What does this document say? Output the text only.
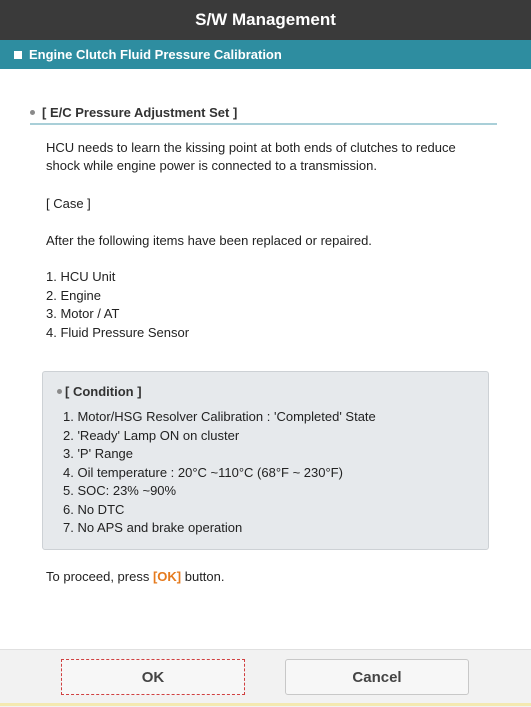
S/W Management
Engine Clutch Fluid Pressure Calibration
[ E/C Pressure Adjustment Set ]
HCU needs to learn the kissing point at both ends of clutches to reduce
shock while engine power is connected to a transmission.
[ Case ]
After the following items have been replaced or repaired.
1. HCU Unit
2. Engine
3. Motor / AT
4. Fluid Pressure Sensor
[ Condition ]
1. Motor/HSG Resolver Calibration : 'Completed' State
2. 'Ready' Lamp ON on cluster
3. 'P' Range
4. Oil temperature : 20°C ~110°C (68°F ~ 230°F)
5. SOC: 23% ~90%
6. No DTC
7. No APS and brake operation
To proceed, press [OK] button.
OK	Cancel
